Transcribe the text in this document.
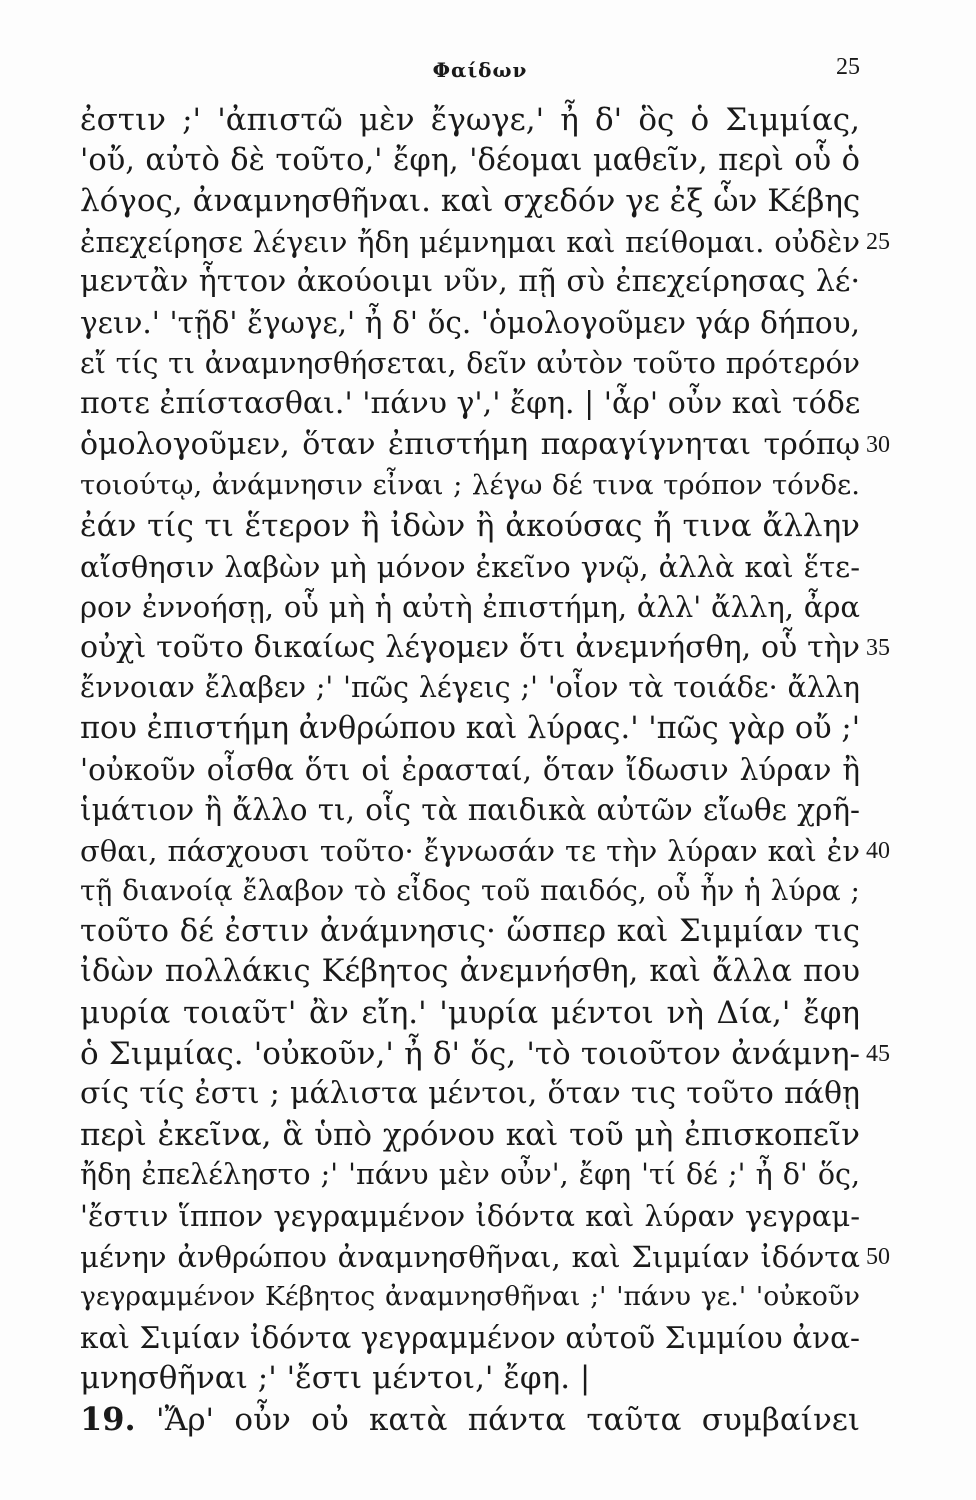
Φαίδων	25
ἐστιν ;' 'ἀπιστῶ μὲν ἔγωγε,' ἦ δ' ὃς ὁ Σιμμίας,
'οὔ, αὐτὸ δὲ τοῦτο,' ἔφη, 'δέομαι μαθεῖν, περὶ οὗ ὁ
λόγος, ἀναμνησθῆναι. καὶ σχεδόν γε ἐξ ὧν Κέβης
ἐπεχείρησε λέγειν ἤδη μέμνημαι καὶ πείθομαι. οὐδὲν 25
μεντἂν ἧττον ἀκούοιμι νῦν, πῇ σὺ ἐπεχείρησας λέ·
γειν.' 'τῇδ' ἔγωγε,' ἦ δ' ὅς. 'ὁμολογοῦμεν γάρ δήπου,
εἴ τίς τι ἀναμνησθήσεται, δεῖν αὐτὸν τοῦτο πρότερόν
ποτε ἐπίστασθαι.' 'πάνυ γ',' ἔφη. | 'ἆρ' οὖν καὶ τόδε
ὁμολογοῦμεν, ὅταν ἐπιστήμη παραγίγνηται τρόπῳ 30
τοιούτῳ, ἀνάμνησιν εἶναι ; λέγω δέ τινα τρόπον τόνδε.
ἐάν τίς τι ἕτερον ἢ ἰδὼν ἢ ἀκούσας ἤ τινα ἄλλην
αἴσθησιν λαβὼν μὴ μόνον ἐκεῖνο γνῷ, ἀλλὰ καὶ ἕτε-
ρον ἐννοήσῃ, οὗ μὴ ἡ αὐτὴ ἐπιστήμη, ἀλλ' ἄλλη, ἆρα
οὐχὶ τοῦτο δικαίως λέγομεν ὅτι ἀνεμνήσθη, οὗ τὴν 35
ἔννοιαν ἔλαβεν ;' 'πῶς λέγεις ;' 'οἷον τὰ τοιάδε· ἄλλη
που ἐπιστήμη ἀνθρώπου καὶ λύρας.' 'πῶς γὰρ οὔ ;'
'οὐκοῦν οἶσθα ὅτι οἱ ἐρασταί, ὅταν ἴδωσιν λύραν ἢ
ἱμάτιον ἢ ἄλλο τι, οἷς τὰ παιδικὰ αὐτῶν εἴωθε χρῆ-
σθαι, πάσχουσι τοῦτο· ἔγνωσάν τε τὴν λύραν καὶ ἐν 40
τῇ διανοίᾳ ἔλαβον τὸ εἶδος τοῦ παιδός, οὗ ἦν ἡ λύρα ;
τοῦτο δέ ἐστιν ἀνάμνησις· ὥσπερ καὶ Σιμμίαν τις
ἰδὼν πολλάκις Κέβητος ἀνεμνήσθη, καὶ ἄλλα που
μυρία τοιαῦτ' ἂν εἴη.' 'μυρία μέντοι νὴ Δία,' ἔφη
ὁ Σιμμίας. 'οὐκοῦν,' ἦ δ' ὅς, 'τὸ τοιοῦτον ἀνάμνη- 45
σίς τίς ἐστι ; μάλιστα μέντοι, ὅταν τις τοῦτο πάθῃ
περὶ ἐκεῖνα, ἃ ὑπὸ χρόνου καὶ τοῦ μὴ ἐπισκοπεῖν
ἤδη ἐπελέληστο ;' 'πάνυ μὲν οὖν', ἔφη 'τί δέ ;' ἦ δ' ὅς,
'ἔστιν ἵππον γεγραμμένον ἰδόντα καὶ λύραν γεγραμ-
μένην ἀνθρώπου ἀναμνησθῆναι, καὶ Σιμμίαν ἰδόντα 50
γεγραμμένον Κέβητος ἀναμνησθῆναι ;' 'πάνυ γε.' 'οὐκοῦν
καὶ Σιμίαν ἰδόντα γεγραμμένον αὐτοῦ Σιμμίου ἀνα-
μνησθῆναι ;' 'ἔστι μέντοι,' ἔφη. |
19. 'Ἄρ' οὖν οὐ κατὰ πάντα ταῦτα συμβαίνει
